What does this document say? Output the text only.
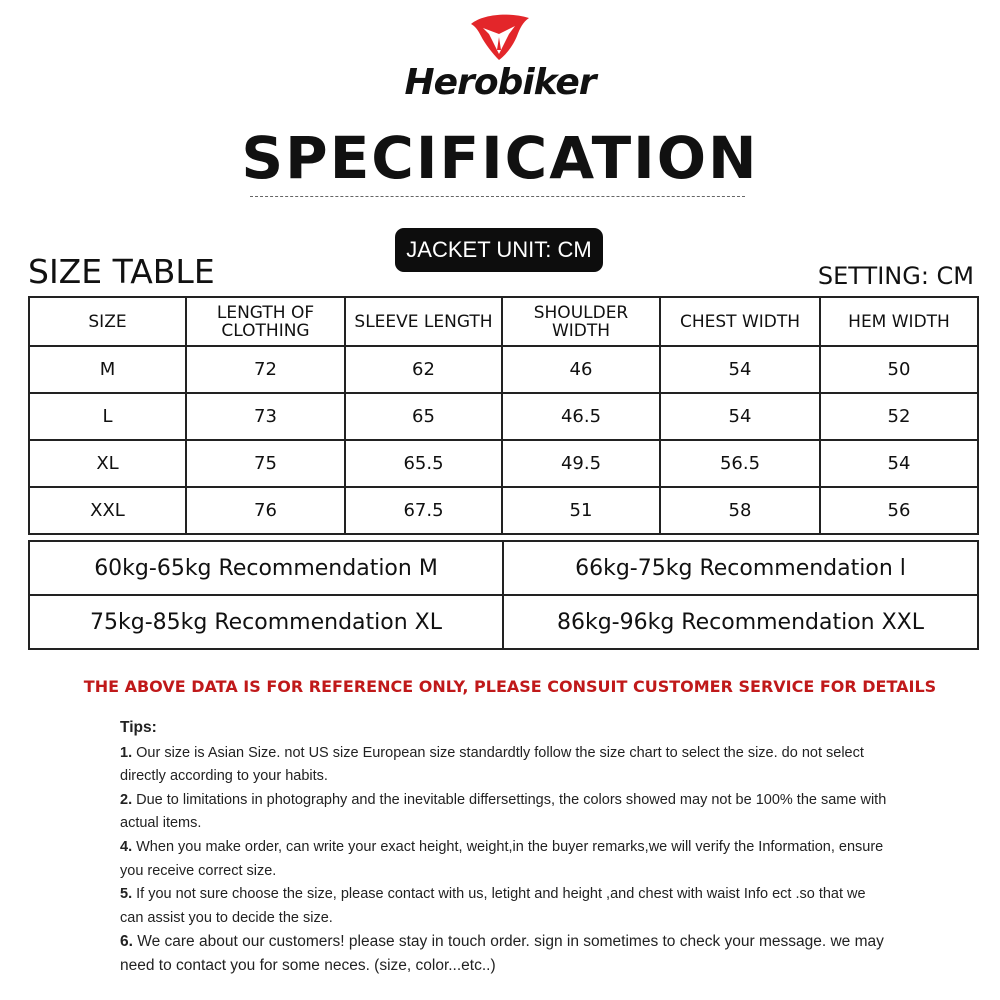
Herobiker
SPECIFICATION
JACKET UNIT: CM
SIZE TABLE	SETTING: CM
SIZE	LENGTH OF CLOTHING	SLEEVE LENGTH	SHOULDER WIDTH	CHEST WIDTH	HEM WIDTH
M	72	62	46	54	50
L	73	65	46.5	54	52
XL	75	65.5	49.5	56.5	54
XXL	76	67.5	51	58	56
60kg-65kg Recommendation M	66kg-75kg Recommendation l
75kg-85kg Recommendation XL	86kg-96kg Recommendation XXL
THE ABOVE DATA IS FOR REFERENCE ONLY, PLEASE CONSUIT CUSTOMER SERVICE FOR DETAILS
Tips:

1. Our size is Asian Size. not US size European size standardtly follow the size chart to select the size. do not select directly according to your habits.

2. Due to limitations in photography and the inevitable differsettings, the colors showed may not be 100% the same with actual items.

4. When you make order, can write your exact height, weight,in the buyer remarks,we will verify the Information, ensure you receive correct size.

5. If you not sure choose the size, please contact with us, letight and height ,and chest with waist Info ect .so that we can assist you to decide the size.

6. We care about our customers! please stay in touch order. sign in sometimes to check your message. we may need to contact you for some neces. (size, color...etc..)
